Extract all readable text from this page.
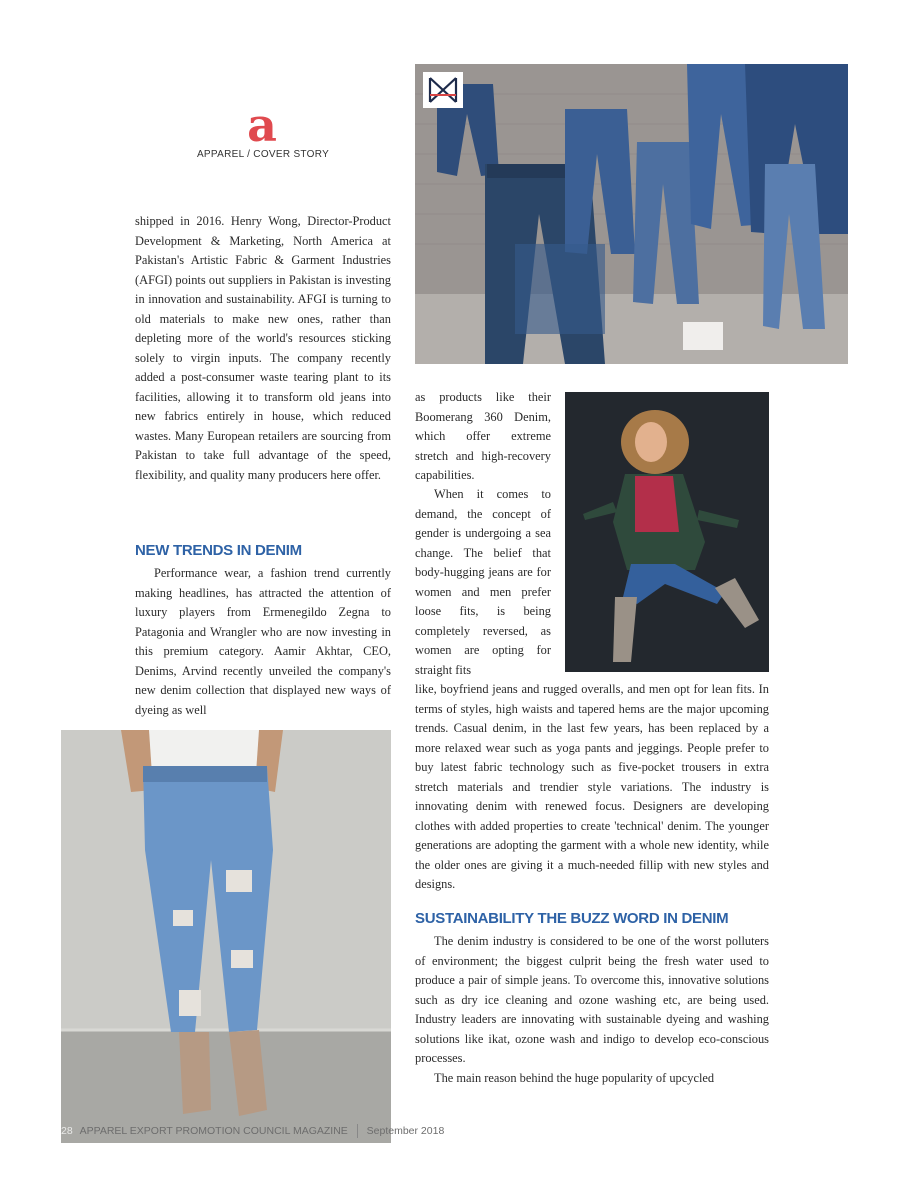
a
APPAREL / COVER STORY

shipped in 2016. Henry Wong, Director-Product Development & Marketing, North America at Pakistan's Artistic Fabric & Garment Industries (AFGI) points out suppliers in Pakistan is investing in innovation and sustainability. AFGI is turning to old materials to make new ones, rather than depleting more of the world's resources sticking solely to virgin inputs. The company recently added a post-consumer waste tearing plant to its facilities, allowing it to transform old jeans into new fabrics entirely in house, which reduced wastes. Many European retailers are sourcing from Pakistan to take full advantage of the speed, flexibility, and quality many producers here offer.

NEW TRENDS IN DENIM

Performance wear, a fashion trend currently making headlines, has attracted the attention of luxury players from Ermenegildo Zegna to Patagonia and Wrangler who are now investing in this premium category. Aamir Akhtar, CEO, Denims, Arvind recently unveiled the company's new denim collection that displayed new ways of dyeing as well

as products like their Boomerang 360 Denim, which offer extreme stretch and high-recovery capabilities.

When it comes to demand, the concept of gender is undergoing a sea change. The belief that body-hugging jeans are for women and men prefer loose fits, is being completely reversed, as women are opting for straight fits

like, boyfriend jeans and rugged overalls, and men opt for lean fits. In terms of styles, high waists and tapered hems are the major upcoming trends. Casual denim, in the last few years, has been replaced by a more relaxed wear such as yoga pants and jeggings. People prefer to buy latest fabric technology such as five-pocket trousers in extra stretch materials and trendier style variations. The industry is innovating denim with renewed focus. Designers are developing clothes with added properties to create 'technical' denim. The younger generations are adopting the garment with a whole new identity, while the older ones are giving it a much-needed fillip with new styles and designs.

SUSTAINABILITY THE BUZZ WORD IN DENIM

The denim industry is considered to be one of the worst polluters of environment; the biggest culprit being the fresh water used to produce a pair of simple jeans. To overcome this, innovative solutions such as dry ice cleaning and ozone washing etc, are being used. Industry leaders are innovating with sustainable dyeing and washing solutions like ikat, ozone wash and indigo to develop eco-conscious processes.

The main reason behind the huge popularity of upcycled

28 APPAREL EXPORT PROMOTION COUNCIL MAGAZINE September 2018
